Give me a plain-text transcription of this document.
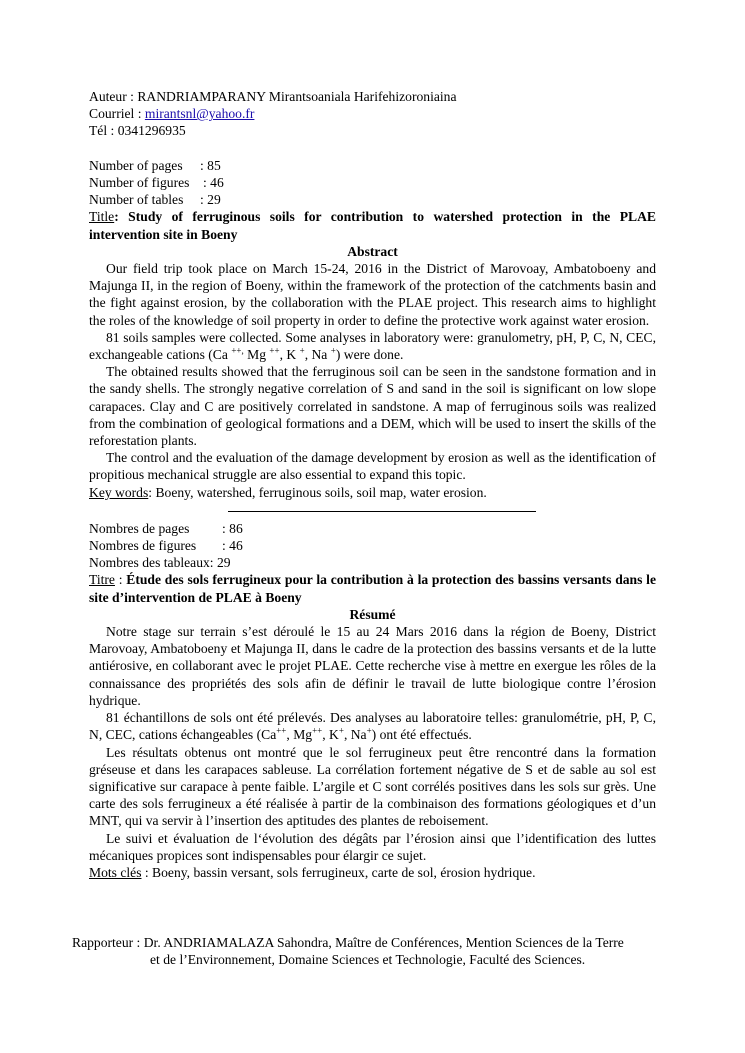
Auteur : RANDRIAMPARANY Mirantsoaniala Harifehizoroniaina
Courriel : mirantsnl@yahoo.fr
Tél : 0341296935
Number of pages : 85
Number of figures : 46
Number of tables : 29

Title: Study of ferruginous soils for contribution to watershed protection in the PLAE intervention site in Boeny

Abstract

Our field trip took place on March 15-24, 2016 in the District of Marovoay, Ambatoboeny and Majunga II, in the region of Boeny, within the framework of the protection of the catchments basin and the fight against erosion, by the collaboration with the PLAE project. This research aims to highlight the roles of the knowledge of soil property in order to define the protective work against water erosion.

81 soils samples were collected. Some analyses in laboratory were: granulometry, pH, P, C, N, CEC, exchangeable cations (Ca ++, Mg ++, K +, Na +) were done.

The obtained results showed that the ferruginous soil can be seen in the sandstone formation and in the sandy shells. The strongly negative correlation of S and sand in the soil is significant on low slope carapaces. Clay and C are positively correlated in sandstone. A map of ferruginous soils was realized from the combination of geological formations and a DEM, which will be used to insert the skills of the reforestation plants.

The control and the evaluation of the damage development by erosion as well as the identification of propitious mechanical struggle are also essential to expand this topic.

Key words: Boeny, watershed, ferruginous soils, soil map, water erosion.

Nombres de pages : 86
Nombres de figures : 46
Nombres des tableaux: 29

Titre : Étude des sols ferrugineux pour la contribution à la protection des bassins versants dans le site d’intervention de PLAE à Boeny

Résumé

Notre stage sur terrain s’est déroulé le 15 au 24 Mars 2016 dans la région de Boeny, District Marovoay, Ambatoboeny et Majunga II, dans le cadre de la protection des bassins versants et de la lutte antiérosive, en collaborant avec le projet PLAE. Cette recherche vise à mettre en exergue les rôles de la connaissance des propriétés des sols afin de définir le travail de lutte biologique contre l’érosion hydrique.

81 échantillons de sols ont été prélevés. Des analyses au laboratoire telles: granulométrie, pH, P, C, N, CEC, cations échangeables (Ca++, Mg++, K+, Na+) ont été effectués.

Les résultats obtenus ont montré que le sol ferrugineux peut être rencontré dans la formation gréseuse et dans les carapaces sableuse. La corrélation fortement négative de S et de sable au sol est significative sur carapace à pente faible. L’argile et C sont corrélés positives dans les sols sur grès. Une carte des sols ferrugineux a été réalisée à partir de la combinaison des formations géologiques et d’un MNT, qui va servir à l’insertion des aptitudes des plantes de reboisement.

Le suivi et évaluation de l‘évolution des dégâts par l’érosion ainsi que l’identification des luttes mécaniques propices sont indispensables pour élargir ce sujet.

Mots clés : Boeny, bassin versant, sols ferrugineux, carte de sol, érosion hydrique.

Rapporteur : Dr. ANDRIAMALAZA Sahondra, Maître de Conférences, Mention Sciences de la Terre
et de l’Environnement, Domaine Sciences et Technologie, Faculté des Sciences.
